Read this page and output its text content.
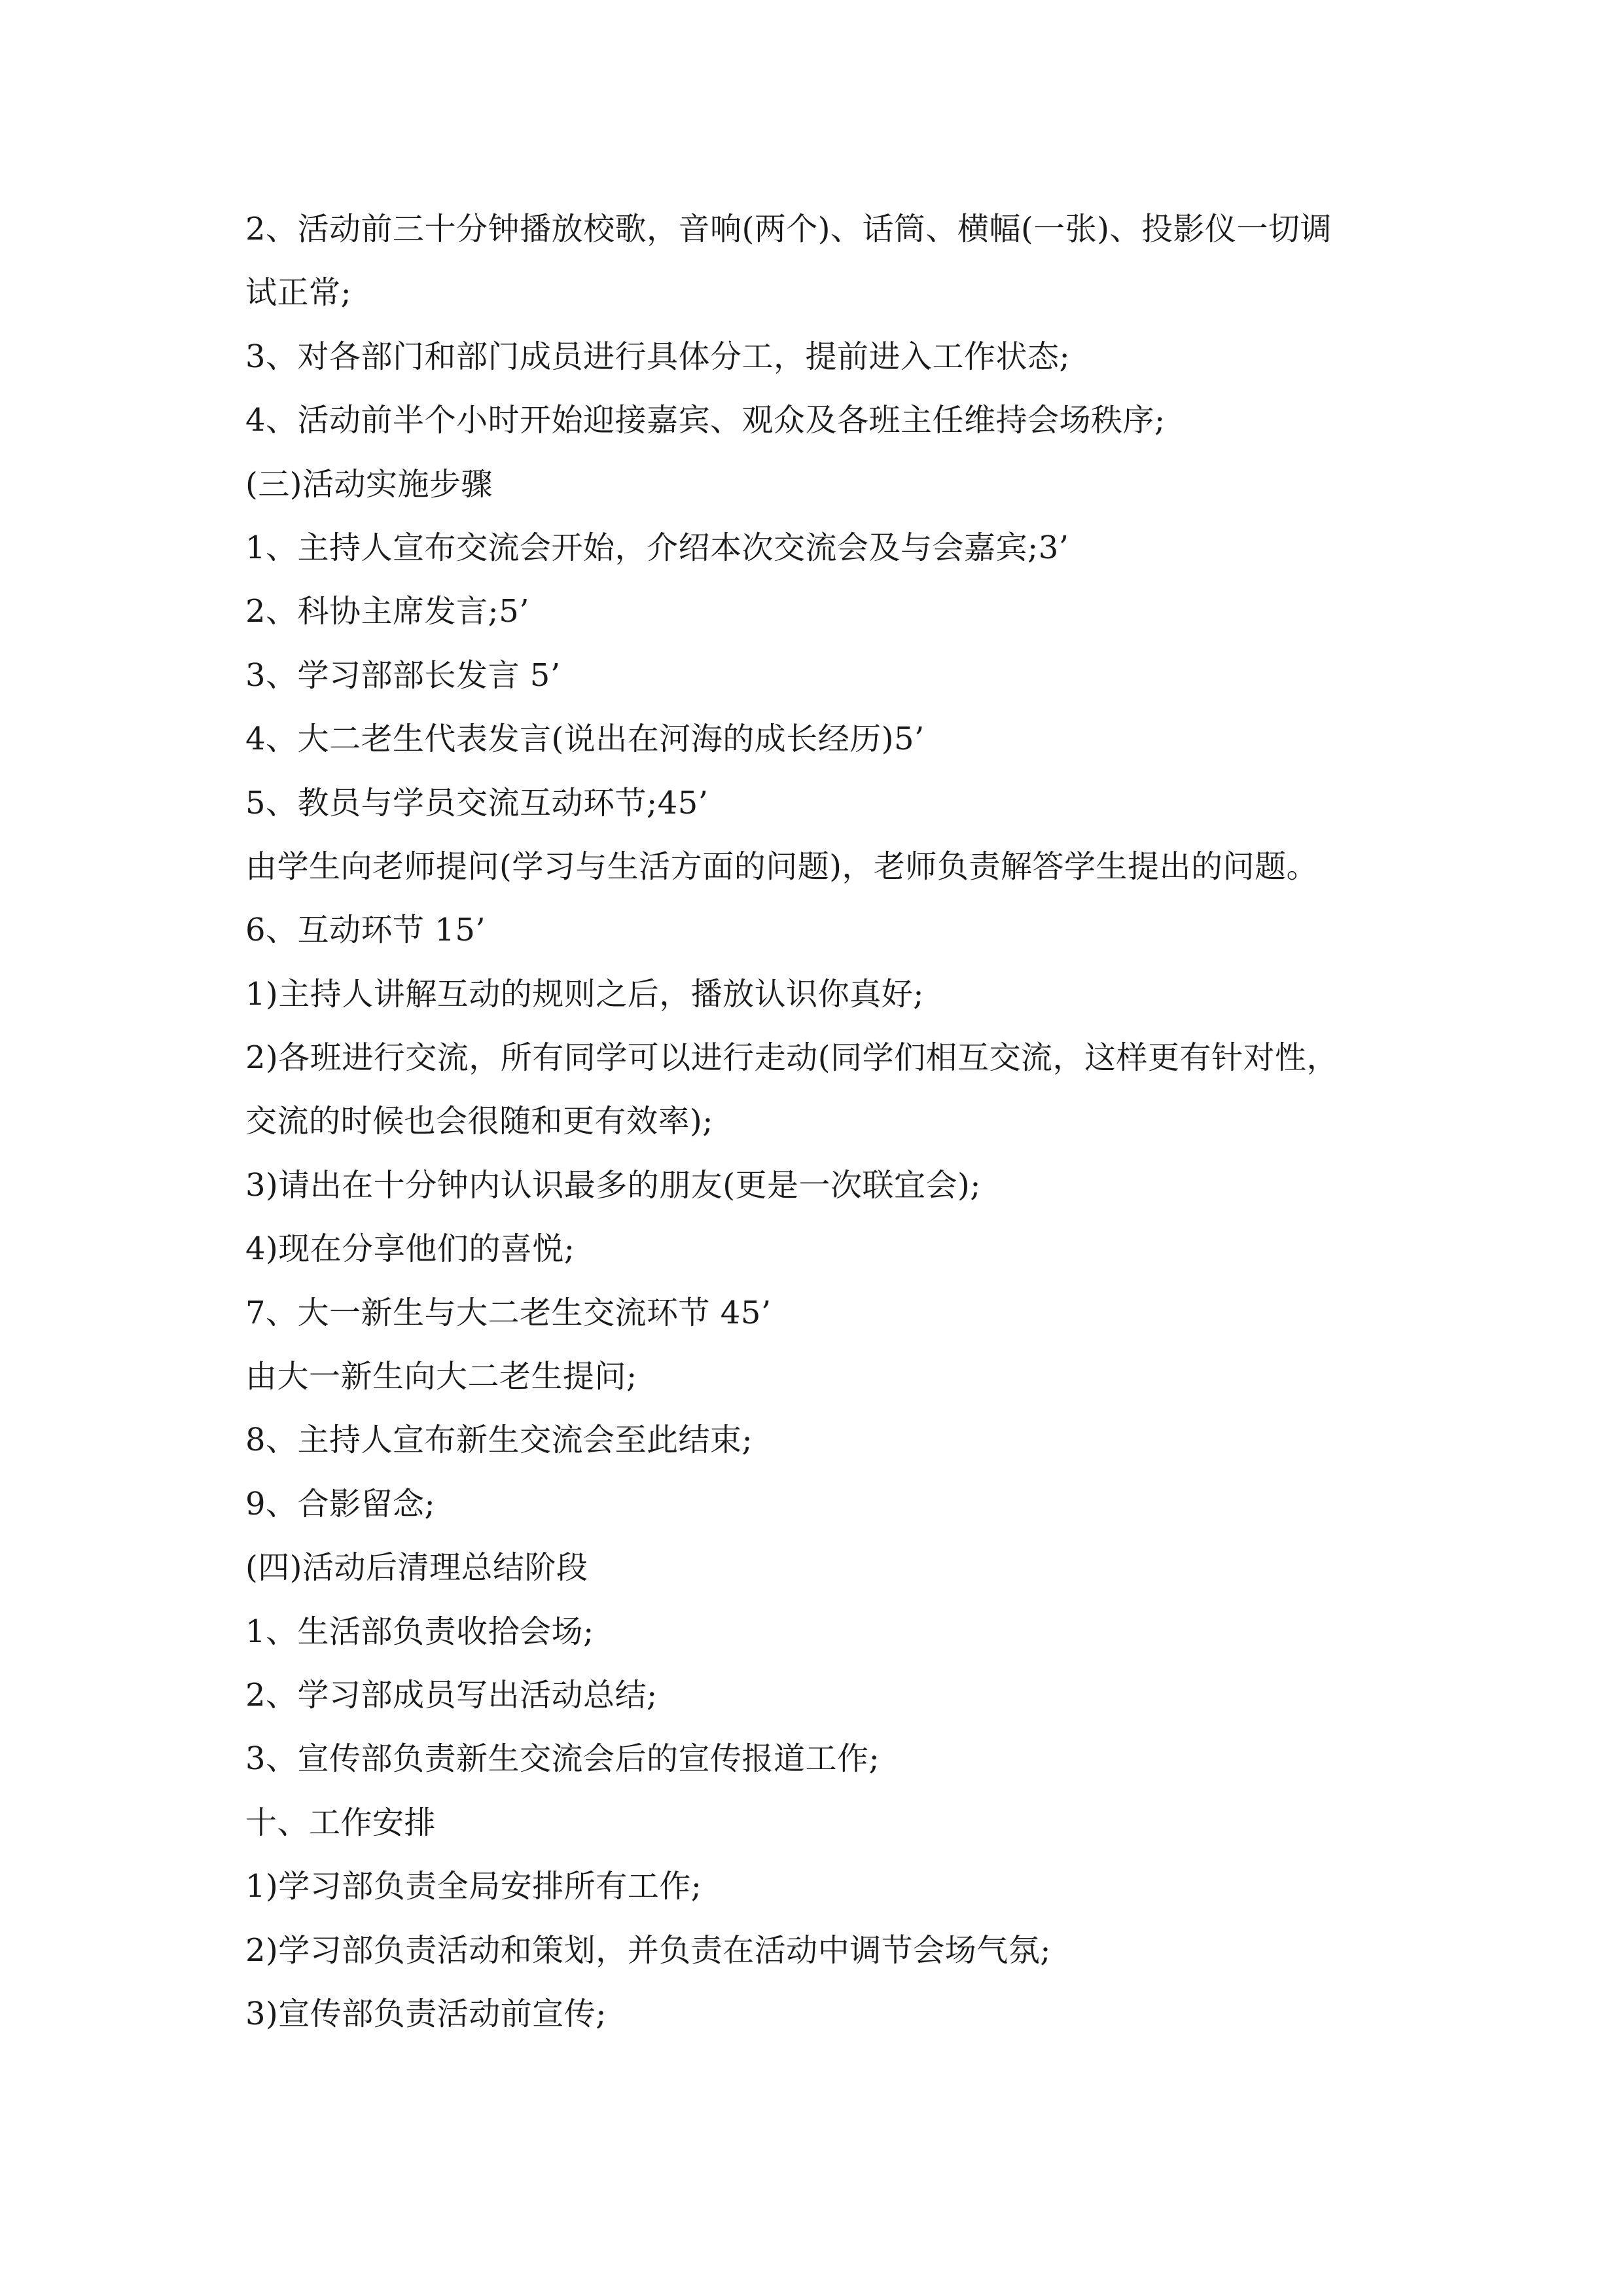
2、活动前三十分钟播放校歌，音响(两个)、话筒、横幅(一张)、投影仪一切调
试正常;
3、对各部门和部门成员进行具体分工，提前进入工作状态;
4、活动前半个小时开始迎接嘉宾、观众及各班主任维持会场秩序;
(三)活动实施步骤
1、主持人宣布交流会开始，介绍本次交流会及与会嘉宾;3’
2、科协主席发言;5’
3、学习部部长发言 5’
4、大二老生代表发言(说出在河海的成长经历)5’
5、教员与学员交流互动环节;45’
由学生向老师提问(学习与生活方面的问题)，老师负责解答学生提出的问题。
6、互动环节 15’
1)主持人讲解互动的规则之后，播放认识你真好;
2)各班进行交流，所有同学可以进行走动(同学们相互交流，这样更有针对性，
交流的时候也会很随和更有效率);
3)请出在十分钟内认识最多的朋友(更是一次联宜会);
4)现在分享他们的喜悦;
7、大一新生与大二老生交流环节 45’
由大一新生向大二老生提问;
8、主持人宣布新生交流会至此结束;
9、合影留念;
(四)活动后清理总结阶段
1、生活部负责收拾会场;
2、学习部成员写出活动总结;
3、宣传部负责新生交流会后的宣传报道工作;
十、工作安排
1)学习部负责全局安排所有工作;
2)学习部负责活动和策划，并负责在活动中调节会场气氛;
3)宣传部负责活动前宣传;
